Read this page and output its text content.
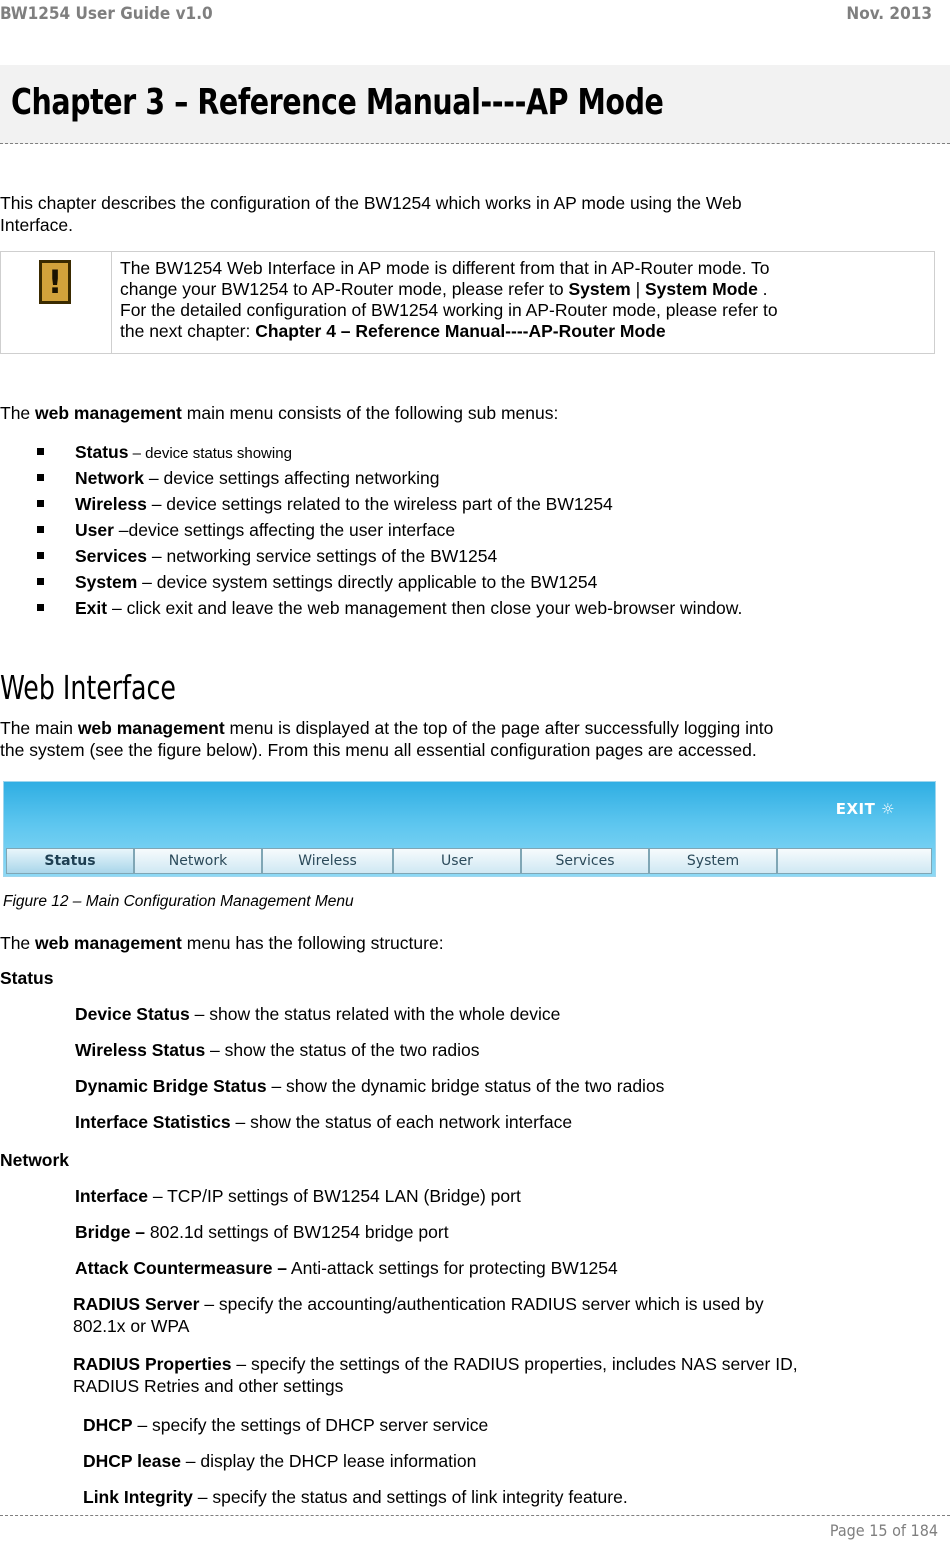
BW1254 User Guide v1.0	Nov. 2013
Chapter 3 – Reference Manual----AP Mode
This chapter describes the configuration of the BW1254 which works in AP mode using the Web
Interface.
!	The BW1254 Web Interface in AP mode is different from that in AP-Router mode. To
change your BW1254 to AP-Router mode, please refer to System | System Mode .
For the detailed configuration of BW1254 working in AP-Router mode, please refer to
the next chapter: Chapter 4 – Reference Manual----AP-Router Mode
The web management main menu consists of the following sub menus:
Status – device status showing
Network – device settings affecting networking
Wireless – device settings related to the wireless part of the BW1254
User –device settings affecting the user interface
Services – networking service settings of the BW1254
System – device system settings directly applicable to the BW1254
Exit – click exit and leave the web management then close your web-browser window.
Web Interface
The main web management menu is displayed at the top of the page after successfully logging into
the system (see the figure below). From this menu all essential configuration pages are accessed.
EXIT ☼
Status	Network	Wireless	User	Services	System
Figure 12 – Main Configuration Management Menu
The web management menu has the following structure:
Status
Device Status – show the status related with the whole device
Wireless Status – show the status of the two radios
Dynamic Bridge Status – show the dynamic bridge status of the two radios
Interface Statistics – show the status of each network interface
Network
Interface – TCP/IP settings of BW1254 LAN (Bridge) port
Bridge – 802.1d settings of BW1254 bridge port
Attack Countermeasure – Anti-attack settings for protecting BW1254
RADIUS Server – specify the accounting/authentication RADIUS server which is used by
802.1x or WPA
RADIUS Properties – specify the settings of the RADIUS properties, includes NAS server ID,
RADIUS Retries and other settings
DHCP – specify the settings of DHCP server service
DHCP lease – display the DHCP lease information
Link Integrity – specify the status and settings of link integrity feature.
Page 15 of 184
